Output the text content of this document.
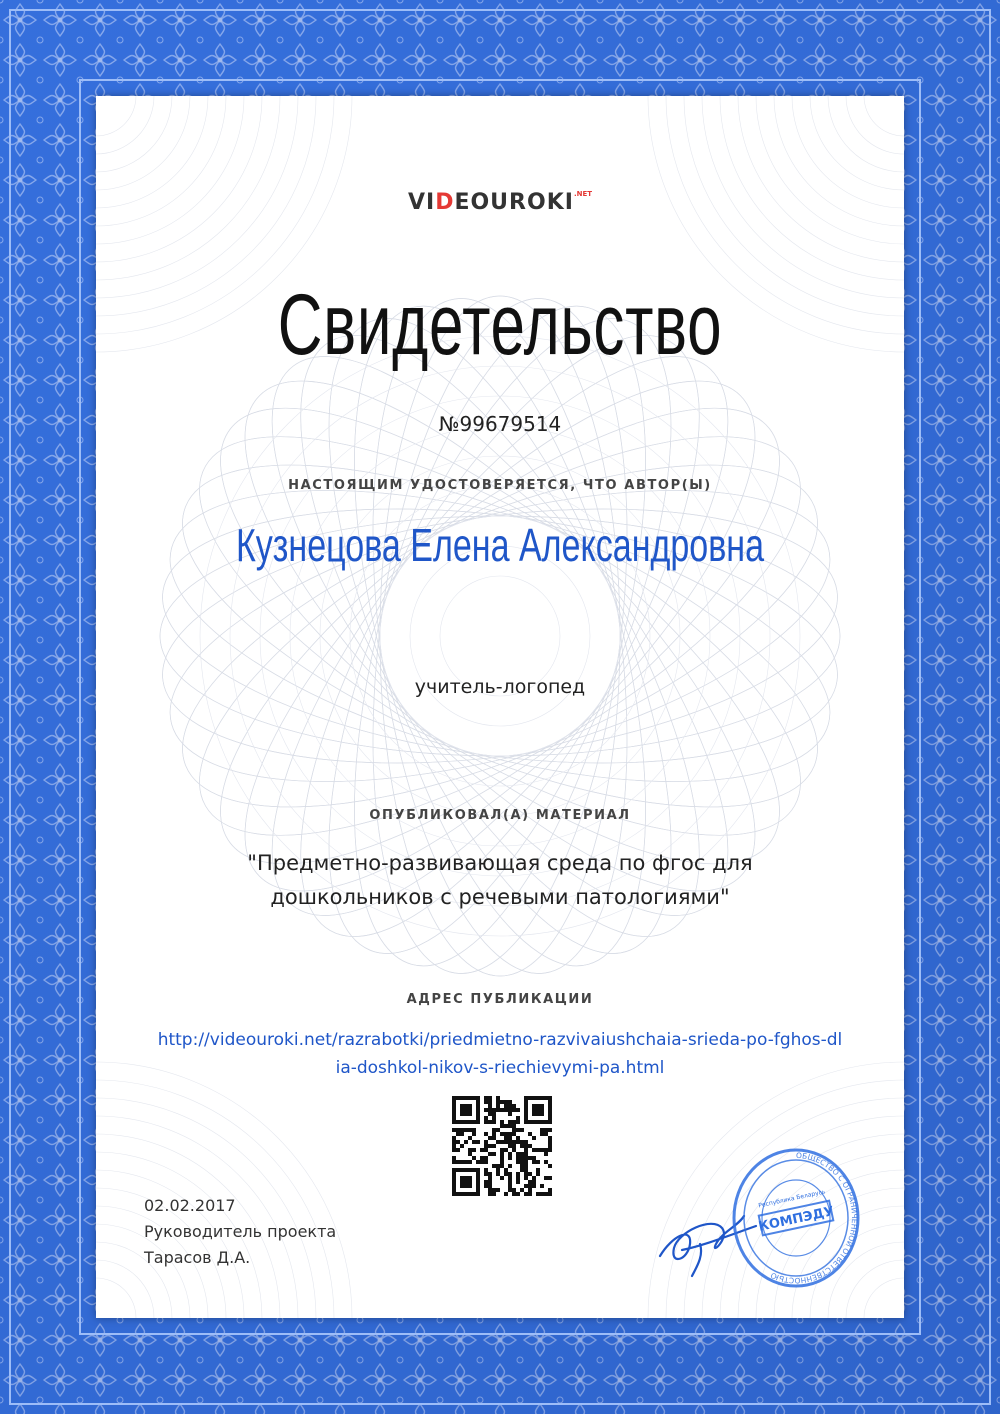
$VIDEOUROKI^{.NET}$
Свидетельство
№99679514
НАСТОЯЩИМ УДОСТОВЕРЯЕТСЯ, ЧТО АВТОР(Ы)
Кузнецова Елена Александровна
учитель-логопед
ОПУБЛИКОВАЛ(А) МАТЕРИАЛ
"Предметно-развивающая среда по фгос для дошкольников с речевыми патологиями"
АДРЕС ПУБЛИКАЦИИ
http://videouroki.net/razrabotki/priedmietno-razvivaiushchaia-srieda-po-fghos-dlia-doshkol-nikov-s-riechievymi-pa.html
02.02.2017
Руководитель проекта
Тарасов Д.А.
ОБЩЕСТВО С ОГРАНИЧЕННОЙ ОТВЕТСТВЕННОСТЬЮ
КОМПЭДУ
Республика Беларусь
